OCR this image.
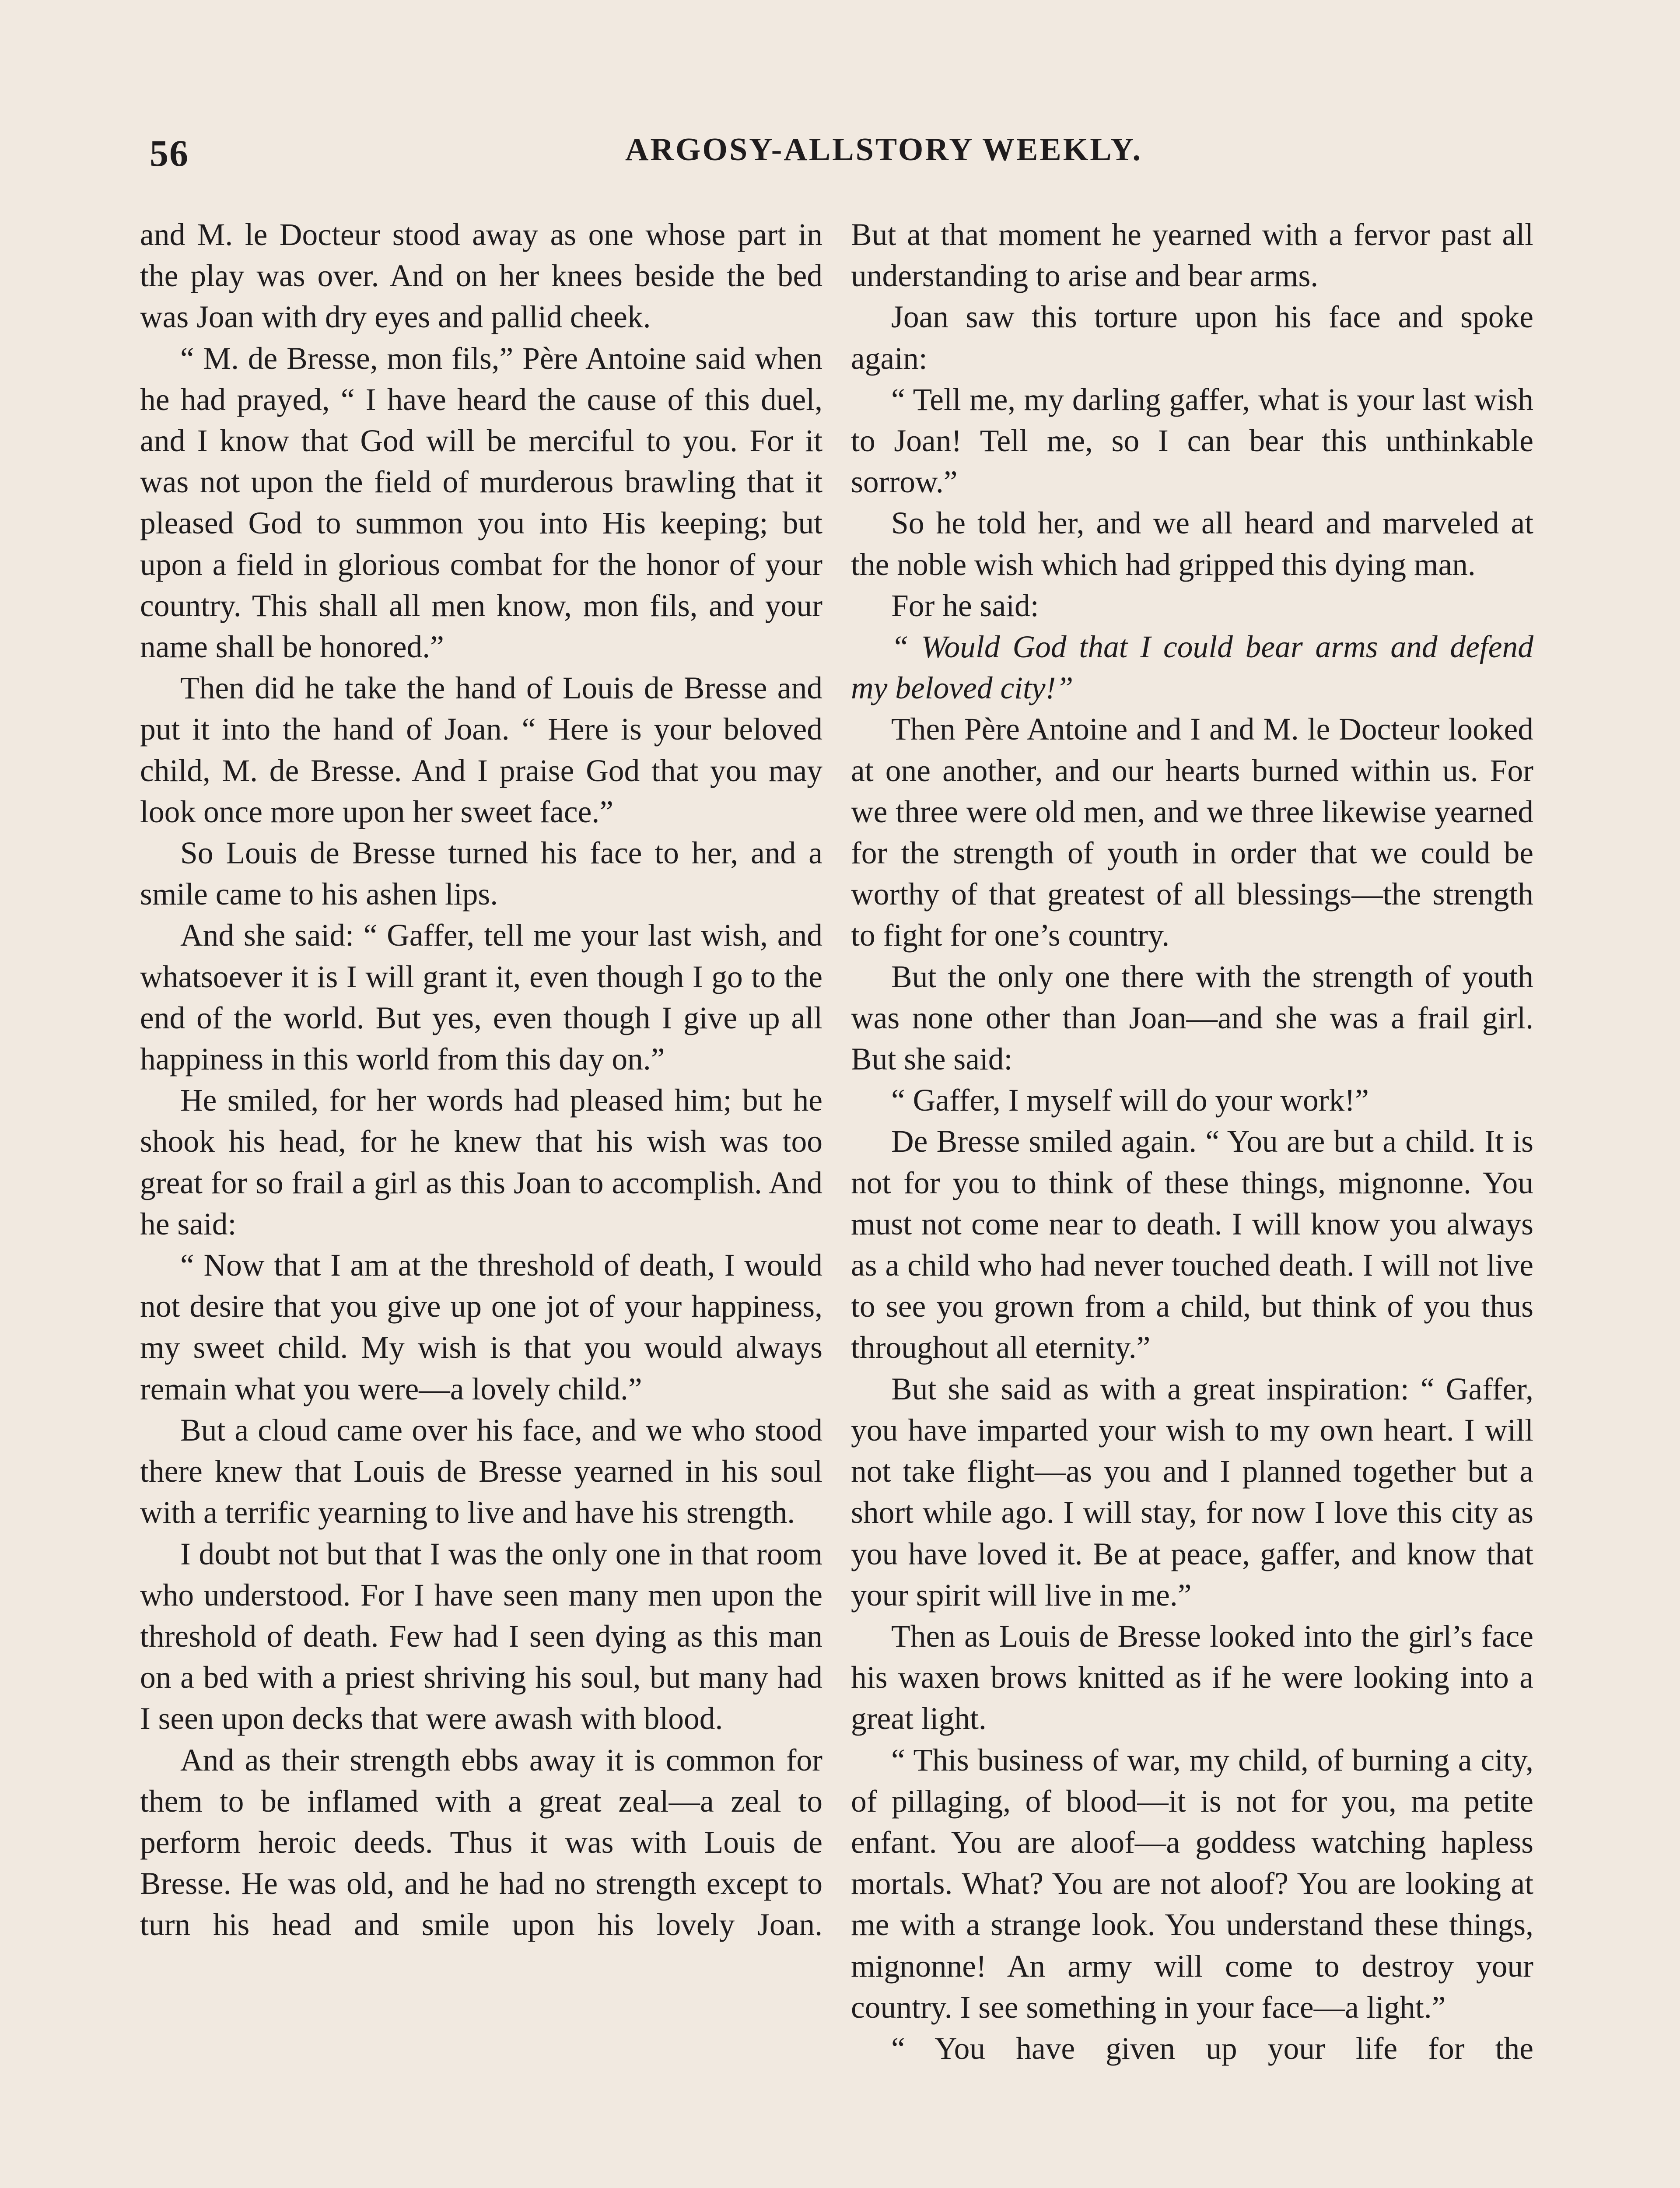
56	ARGOSY-ALLSTORY WEEKLY.

and M. le Docteur stood away as one whose part in the play was over. And on her knees beside the bed was Joan with dry eyes and pallid cheek.

“ M. de Bresse, mon fils,” Père Antoine said when he had prayed, “ I have heard the cause of this duel, and I know that God will be merciful to you. For it was not upon the field of murderous brawling that it pleased God to summon you into His keeping; but upon a field in glorious combat for the honor of your country. This shall all men know, mon fils, and your name shall be honored.”

Then did he take the hand of Louis de Bresse and put it into the hand of Joan. “ Here is your beloved child, M. de Bresse. And I praise God that you may look once more upon her sweet face.”

So Louis de Bresse turned his face to her, and a smile came to his ashen lips.

And she said: “ Gaffer, tell me your last wish, and whatsoever it is I will grant it, even though I go to the end of the world. But yes, even though I give up all happiness in this world from this day on.”

He smiled, for her words had pleased him; but he shook his head, for he knew that his wish was too great for so frail a girl as this Joan to accomplish. And he said:

“ Now that I am at the threshold of death, I would not desire that you give up one jot of your happiness, my sweet child. My wish is that you would always remain what you were—a lovely child.”

But a cloud came over his face, and we who stood there knew that Louis de Bresse yearned in his soul with a terrific yearning to live and have his strength.

I doubt not but that I was the only one in that room who understood. For I have seen many men upon the threshold of death. Few had I seen dying as this man on a bed with a priest shriving his soul, but many had I seen upon decks that were awash with blood.

And as their strength ebbs away it is common for them to be inflamed with a great zeal—a zeal to perform heroic deeds. Thus it was with Louis de Bresse. He was old, and he had no strength except to turn his head and smile upon his lovely Joan.

But at that moment he yearned with a fervor past all understanding to arise and bear arms.

Joan saw this torture upon his face and spoke again:

“ Tell me, my darling gaffer, what is your last wish to Joan! Tell me, so I can bear this unthinkable sorrow.”

So he told her, and we all heard and marveled at the noble wish which had gripped this dying man.

For he said:

“ Would God that I could bear arms and defend my beloved city!”

Then Père Antoine and I and M. le Docteur looked at one another, and our hearts burned within us. For we three were old men, and we three likewise yearned for the strength of youth in order that we could be worthy of that greatest of all blessings—the strength to fight for one’s country.

But the only one there with the strength of youth was none other than Joan—and she was a frail girl. But she said:

“ Gaffer, I myself will do your work!”

De Bresse smiled again. “ You are but a child. It is not for you to think of these things, mignonne. You must not come near to death. I will know you always as a child who had never touched death. I will not live to see you grown from a child, but think of you thus throughout all eternity.”

But she said as with a great inspiration: “ Gaffer, you have imparted your wish to my own heart. I will not take flight—as you and I planned together but a short while ago. I will stay, for now I love this city as you have loved it. Be at peace, gaffer, and know that your spirit will live in me.”

Then as Louis de Bresse looked into the girl’s face his waxen brows knitted as if he were looking into a great light.

“ This business of war, my child, of burning a city, of pillaging, of blood—it is not for you, ma petite enfant. You are aloof—a goddess watching hapless mortals. What? You are not aloof? You are looking at me with a strange look. You understand these things, mignonne! An army will come to destroy your country. I see something in your face—a light.”

“ You have given up your life for the
